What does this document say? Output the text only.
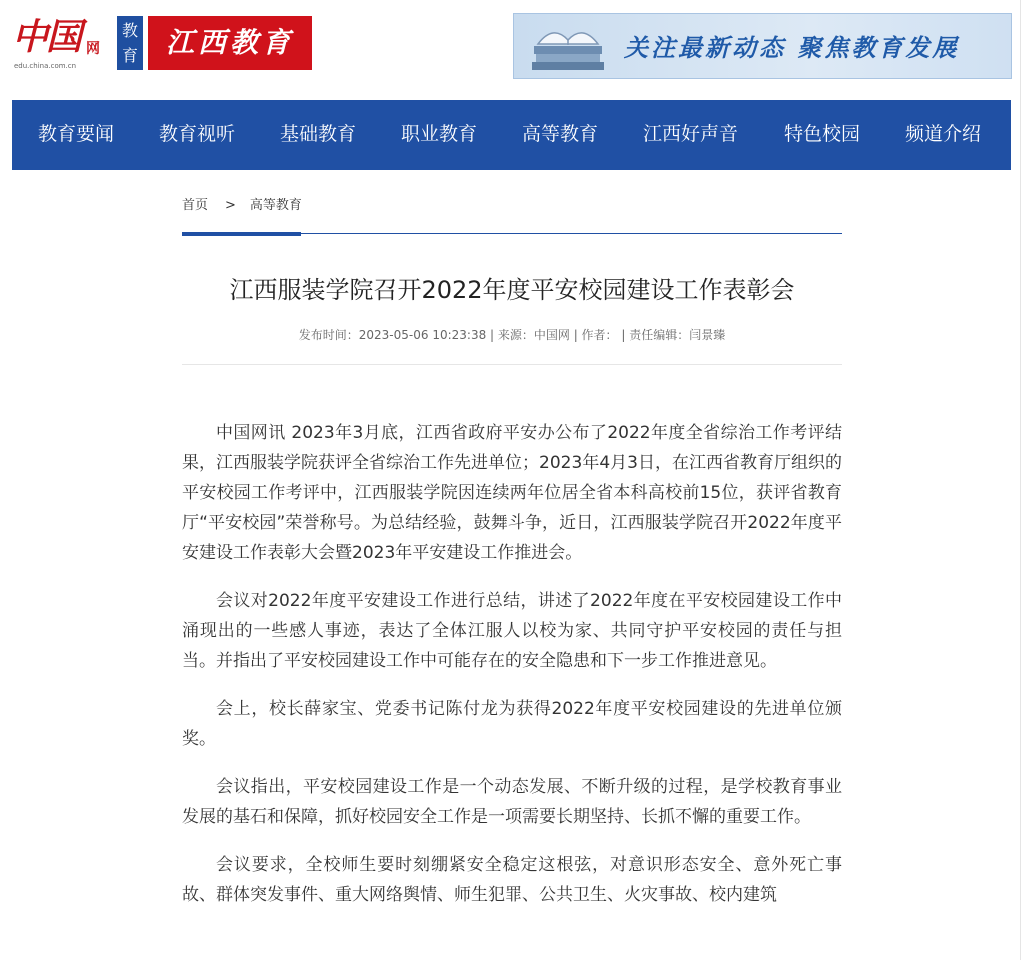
中国 网
edu.china.com.cn
教育 江西教育	关注最新动态 聚焦教育发展
教育要闻 教育视听 基础教育 职业教育 高等教育 江西好声音 特色校园 频道介绍
首页 > 高等教育
江西服装学院召开2022年度平安校园建设工作表彰会
发布时间：2023-05-06 10:23:38 | 来源：中国网 | 作者： | 责任编辑：闫景臻

中国网讯 2023年3月底，江西省政府平安办公布了2022年度全省综治工作考评结果，江西服装学院获评全省综治工作先进单位；2023年4月3日，在江西省教育厅组织的平安校园工作考评中，江西服装学院因连续两年位居全省本科高校前15位，获评省教育厅“平安校园”荣誉称号。为总结经验，鼓舞斗争，近日，江西服装学院召开2022年度平安建设工作表彰大会暨2023年平安建设工作推进会。

会议对2022年度平安建设工作进行总结，讲述了2022年度在平安校园建设工作中涌现出的一些感人事迹，表达了全体江服人以校为家、共同守护平安校园的责任与担当。并指出了平安校园建设工作中可能存在的安全隐患和下一步工作推进意见。

会上，校长薛家宝、党委书记陈付龙为获得2022年度平安校园建设的先进单位颁奖。

会议指出，平安校园建设工作是一个动态发展、不断升级的过程，是学校教育事业发展的基石和保障，抓好校园安全工作是一项需要长期坚持、长抓不懈的重要工作。

会议要求，全校师生要时刻绷紧安全稳定这根弦，对意识形态安全、意外死亡事故、群体突发事件、重大网络舆情、师生犯罪、公共卫生、火灾事故、校内建筑
